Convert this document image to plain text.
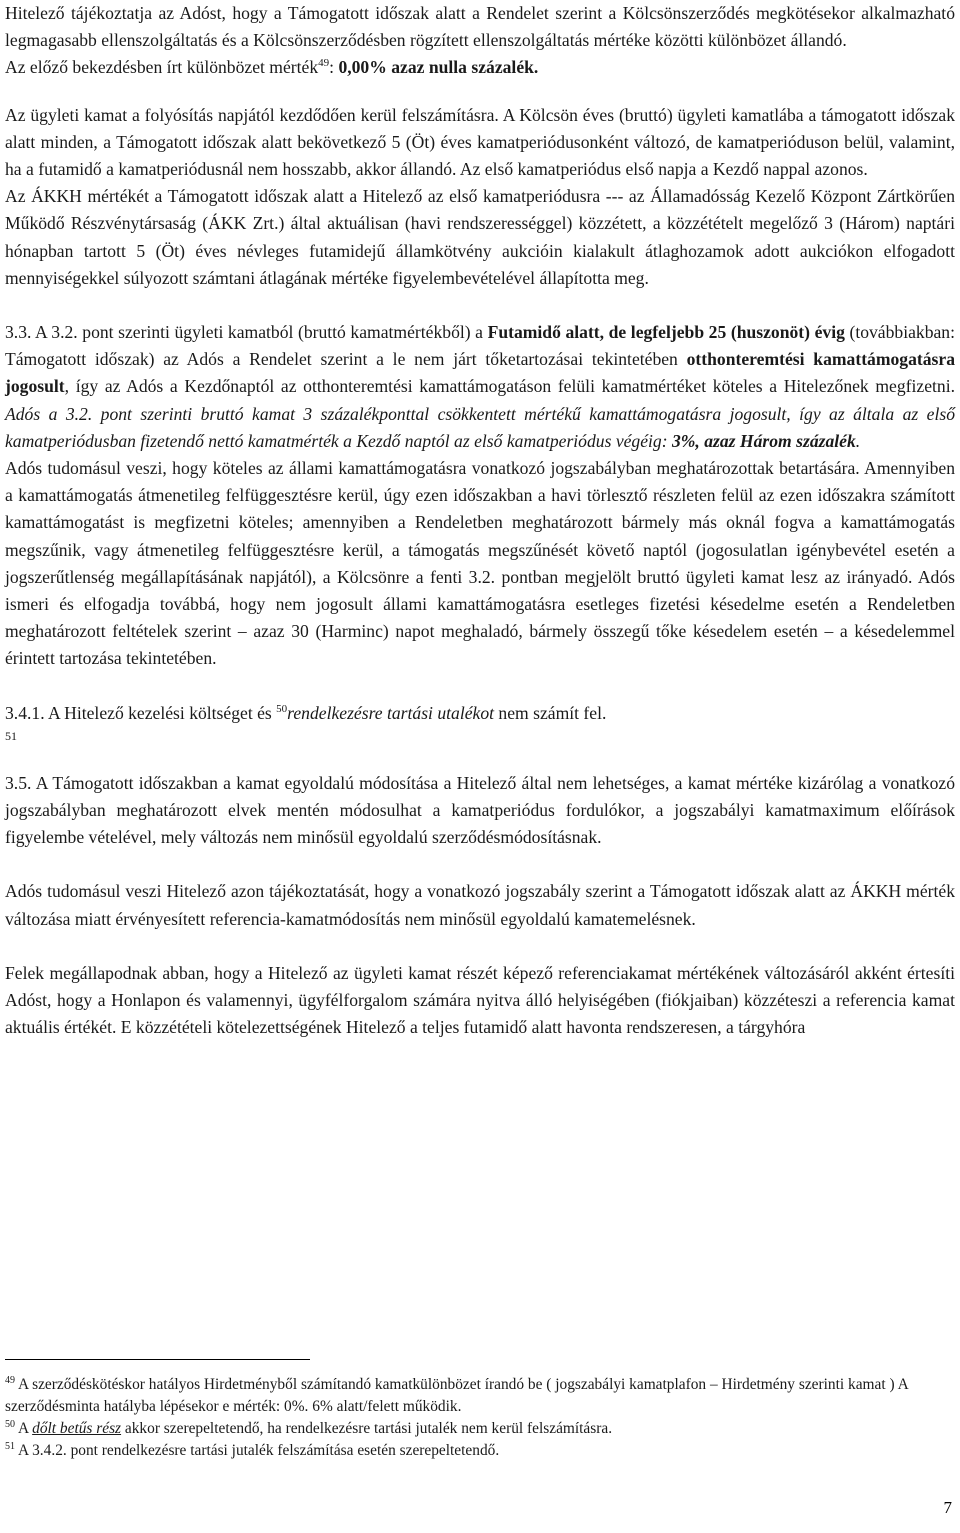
Hitelező tájékoztatja az Adóst, hogy a Támogatott időszak alatt a Rendelet szerint a Kölcsönszerződés megkötésekor alkalmazható legmagasabb ellenszolgáltatás és a Kölcsönszerződésben rögzített ellenszolgáltatás mértéke közötti különbözet állandó.

Az előző bekezdésben írt különbözet mérték$^{49}$: 0,00% azaz nulla százalék.

Az ügyleti kamat a folyósítás napjától kezdődően kerül felszámításra. A Kölcsön éves (bruttó) ügyleti kamatlába a támogatott időszak alatt minden, a Támogatott időszak alatt bekövetkező 5 (Öt) éves kamatperiódusonként változó, de kamatperióduson belül, valamint, ha a futamidő a kamatperiódusnál nem hosszabb, akkor állandó. Az első kamatperiódus első napja a Kezdő nappal azonos.

Az ÁKKH mértékét a Támogatott időszak alatt a Hitelező az első kamatperiódusra --- az Államadósság Kezelő Központ Zártkörűen Működő Részvénytársaság (ÁKK Zrt.) által aktuálisan (havi rendszerességgel) közzétett, a közzétételt megelőző 3 (Három) naptári hónapban tartott 5 (Öt) éves névleges futamidejű államkötvény aukcióin kialakult átlaghozamok adott aukciókon elfogadott mennyiségekkel súlyozott számtani átlagának mértéke figyelembevételével állapította meg.

3.3. A 3.2. pont szerinti ügyleti kamatból (bruttó kamatmértékből) a Futamidő alatt, de legfeljebb 25 (huszonöt) évig (továbbiakban: Támogatott időszak) az Adós a Rendelet szerint a le nem járt tőketartozásai tekintetében otthonteremtési kamattámogatásra jogosult, így az Adós a Kezdőnaptól az otthonteremtési kamattámogatáson felüli kamatmértéket köteles a Hitelezőnek megfizetni. Adós a 3.2. pont szerinti bruttó kamat 3 százalékponttal csökkentett mértékű kamattámogatásra jogosult, így az általa az első kamatperiódusban fizetendő nettó kamatmérték a Kezdő naptól az első kamatperiódus végéig: 3%, azaz Három százalék.

Adós tudomásul veszi, hogy köteles az állami kamattámogatásra vonatkozó jogszabályban meghatározottak betartására. Amennyiben a kamattámogatás átmenetileg felfüggesztésre kerül, úgy ezen időszakban a havi törlesztő részleten felül az ezen időszakra számított kamattámogatást is megfizetni köteles; amennyiben a Rendeletben meghatározott bármely más oknál fogva a kamattámogatás megszűnik, vagy átmenetileg felfüggesztésre kerül, a támogatás megszűnését követő naptól (jogosulatlan igénybevétel esetén a jogszerűtlenség megállapításának napjától), a Kölcsönre a fenti 3.2. pontban megjelölt bruttó ügyleti kamat lesz az irányadó. Adós ismeri és elfogadja továbbá, hogy nem jogosult állami kamattámogatásra esetleges fizetési késedelme esetén a Rendeletben meghatározott feltételek szerint – azaz 30 (Harminc) napot meghaladó, bármely összegű tőke késedelem esetén – a késedelemmel érintett tartozása tekintetében.

3.4.1. A Hitelező kezelési költséget és $^{50}$rendelkezésre tartási utalékot nem számít fel.

51

3.5. A Támogatott időszakban a kamat egyoldalú módosítása a Hitelező által nem lehetséges, a kamat mértéke kizárólag a vonatkozó jogszabályban meghatározott elvek mentén módosulhat a kamatperiódus fordulókor, a jogszabályi kamatmaximum előírások figyelembe vételével, mely változás nem minősül egyoldalú szerződésmódosításnak.

Adós tudomásul veszi Hitelező azon tájékoztatását, hogy a vonatkozó jogszabály szerint a Támogatott időszak alatt az ÁKKH mérték változása miatt érvényesített referencia-kamatmódosítás nem minősül egyoldalú kamatemelésnek.

Felek megállapodnak abban, hogy a Hitelező az ügyleti kamat részét képező referenciakamat mértékének változásáról akként értesíti Adóst, hogy a Honlapon és valamennyi, ügyfélforgalom számára nyitva álló helyiségében (fiókjaiban) közzéteszi a referencia kamat aktuális értékét. E közzétételi kötelezettségének Hitelező a teljes futamidő alatt havonta rendszeresen, a tárgyhóra

$^{49}$ A szerződéskötéskor hatályos Hirdetményből számítandó kamatkülönbözet írandó be ( jogszabályi kamatplafon – Hirdetmény szerinti kamat ) A szerződésminta hatályba lépésekor e mérték: 0%. 6% alatt/felett működik.

$^{50}$ A dőlt betűs rész akkor szerepeltetendő, ha rendelkezésre tartási jutalék nem kerül felszámításra.

$^{51}$ A 3.4.2. pont rendelkezésre tartási jutalék felszámítása esetén szerepeltetendő.

7
